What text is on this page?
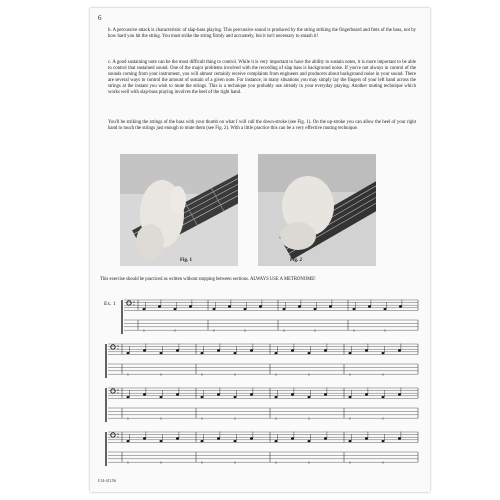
6

b. A percussive attack is characteristic of slap-bass playing. This percussive sound is produced by the string striking the fingerboard and frets of the bass, not by how hard you hit the string. You must strike the string firmly and accurately, but it isn't necessary to smash it!

c. A good sustaining note can be the most difficult thing to control. While it is very important to have the ability to sustain notes, it is more important to be able to control that sustained sound. One of the major problems involved with the recording of slap bass is background noise. If you're not always in control of the sounds coming from your instrument, you will almost certainly receive complaints from engineers and producers about background noise in your sound. There are several ways to control the amount of sustain of a given note. For instance, in many situations you may simply lay the fingers of your left hand across the strings at the instant you wish to mute the strings. This is a technique you probably use already in your everyday playing. Another muting technique which works well with slap-bass playing involves the heel of the right hand.

You'll be striking the strings of the bass with your thumb on what I will call the down-stroke (see Fig. 1). On the up-stroke you can allow the heel of your right hand to touch the strings just enough to mute them (see Fig. 2). With a little practice this can be a very effective muting technique.

Fig. 1	Fig. 2

This exercise should be practiced as written without stopping between sections. ALWAYS USE A METRONOME!

Ex. 1
0	0	0	0	0	0	0	0
0	0	0	0	0	0	0	0
0	0	0	0	0	0	0	0
0	0	0	0	0	0	0	0
£14-41156
